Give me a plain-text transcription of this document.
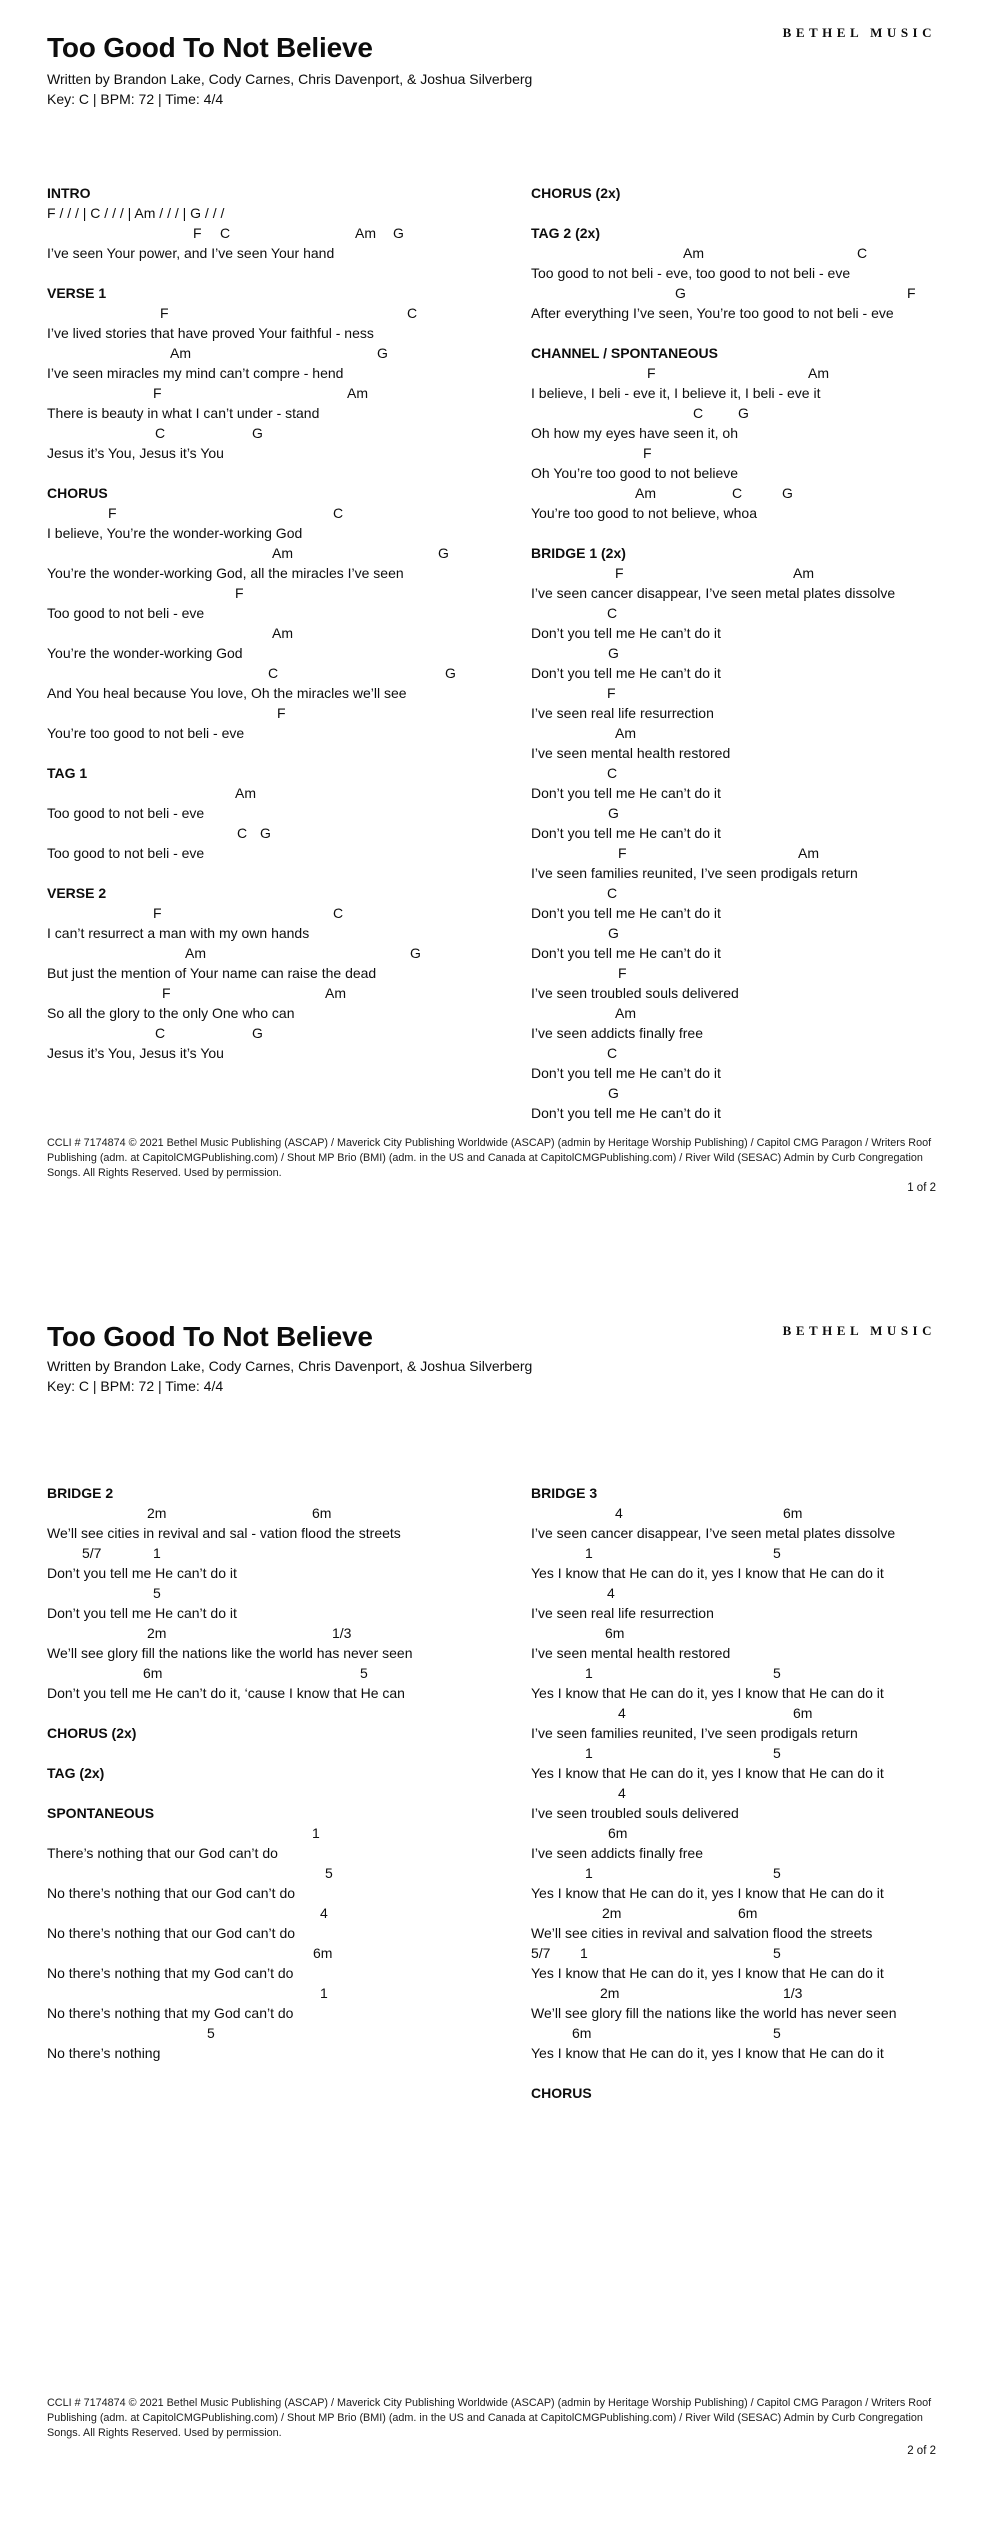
BETHEL MUSIC
Too Good To Not Believe
Written by Brandon Lake, Cody Carnes, Chris Davenport, & Joshua Silverberg
Key: C | BPM: 72 | Time: 4/4
INTRO
F / / / | C / / / | Am / / / | G / / /
F C	Am G
I’ve seen Your power, and I’ve seen Your hand
VERSE 1
F	C
I’ve lived stories that have proved Your faithful - ness
Am	G
I’ve seen miracles my mind can’t compre - hend
F	Am
There is beauty in what I can’t under - stand
C	G
Jesus it’s You, Jesus it’s You
CHORUS
F	C
I believe, You’re the wonder-working God
Am	G
You’re the wonder-working God, all the miracles I’ve seen
F
Too good to not beli - eve
Am
You’re the wonder-working God
C	G
And You heal because You love, Oh the miracles we’ll see
F
You’re too good to not beli - eve
TAG 1
Am
Too good to not beli - eve
C G
Too good to not beli - eve
VERSE 2
F	C
I can’t resurrect a man with my own hands
Am	G
But just the mention of Your name can raise the dead
F	Am
So all the glory to the only One who can
C	G
Jesus it’s You, Jesus it’s You
CHORUS (2x)
TAG 2 (2x)
Am	C
Too good to not beli - eve, too good to not beli - eve
G	F
After everything I’ve seen, You’re too good to not beli - eve
CHANNEL / SPONTANEOUS
F	Am
I believe, I beli - eve it, I believe it, I beli - eve it
C G
Oh how my eyes have seen it, oh
F
Oh You’re too good to not believe
Am	C	G
You’re too good to not believe, whoa
BRIDGE 1 (2x)
F	Am
I’ve seen cancer disappear, I’ve seen metal plates dissolve
C
Don’t you tell me He can’t do it
G
Don’t you tell me He can’t do it
F
I’ve seen real life resurrection
Am
I’ve seen mental health restored
C
Don’t you tell me He can’t do it
G
Don’t you tell me He can’t do it
F	Am
I’ve seen families reunited, I’ve seen prodigals return
C
Don’t you tell me He can’t do it
G
Don’t you tell me He can’t do it
F
I’ve seen troubled souls delivered
Am
I’ve seen addicts finally free
C
Don’t you tell me He can’t do it
G
Don’t you tell me He can’t do it
CCLI # 7174874 © 2021 Bethel Music Publishing (ASCAP) / Maverick City Publishing Worldwide (ASCAP) (admin by Heritage Worship Publishing) / Capitol CMG Paragon / Writers Roof Publishing (adm. at CapitolCMGPublishing.com) / Shout MP Brio (BMI) (adm. in the US and Canada at CapitolCMGPublishing.com) / River Wild (SESAC) Admin by Curb Congregation Songs. All Rights Reserved. Used by permission.
1 of 2
BETHEL MUSIC
Too Good To Not Believe
Written by Brandon Lake, Cody Carnes, Chris Davenport, & Joshua Silverberg
Key: C | BPM: 72 | Time: 4/4
BRIDGE 2
2m	6m
We’ll see cities in revival and sal - vation flood the streets
5/7	1
Don’t you tell me He can’t do it
5
Don’t you tell me He can’t do it
2m	1/3
We’ll see glory fill the nations like the world has never seen
6m	5
Don’t you tell me He can’t do it, ‘cause I know that He can
CHORUS (2x)
TAG (2x)
SPONTANEOUS
1
There’s nothing that our God can’t do
5
No there’s nothing that our God can’t do
4
No there’s nothing that our God can’t do
6m
No there’s nothing that my God can’t do
1
No there’s nothing that my God can’t do
5
No there’s nothing
BRIDGE 3
4	6m
I’ve seen cancer disappear, I’ve seen metal plates dissolve
1	5
Yes I know that He can do it, yes I know that He can do it
4
I’ve seen real life resurrection
6m
I’ve seen mental health restored
1	5
Yes I know that He can do it, yes I know that He can do it
4	6m
I’ve seen families reunited, I’ve seen prodigals return
1	5
Yes I know that He can do it, yes I know that He can do it
4
I’ve seen troubled souls delivered
6m
I’ve seen addicts finally free
1	5
Yes I know that He can do it, yes I know that He can do it
2m	6m
We’ll see cities in revival and salvation flood the streets
5/7 1	5
Yes I know that He can do it, yes I know that He can do it
2m	1/3
We’ll see glory fill the nations like the world has never seen
6m	5
Yes I know that He can do it, yes I know that He can do it
CHORUS
CCLI # 7174874 © 2021 Bethel Music Publishing (ASCAP) / Maverick City Publishing Worldwide (ASCAP) (admin by Heritage Worship Publishing) / Capitol CMG Paragon / Writers Roof Publishing (adm. at CapitolCMGPublishing.com) / Shout MP Brio (BMI) (adm. in the US and Canada at CapitolCMGPublishing.com) / River Wild (SESAC) Admin by Curb Congregation Songs. All Rights Reserved. Used by permission.
2 of 2
